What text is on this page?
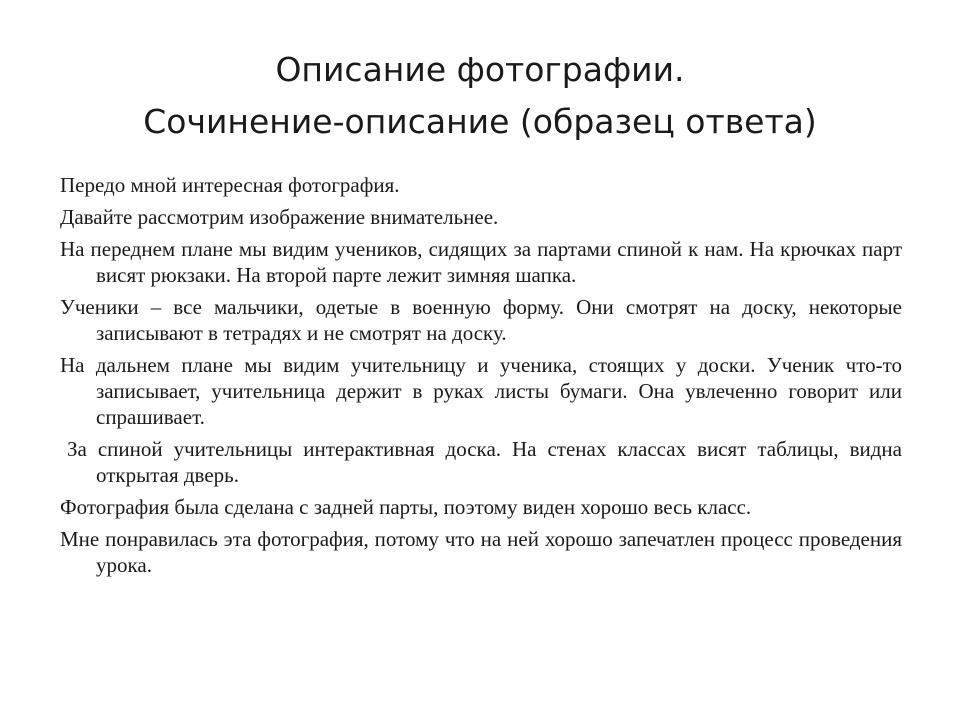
Описание фотографии.
Сочинение-описание (образец ответа)

Передо мной интересная фотография.

Давайте рассмотрим изображение внимательнее.

На переднем плане мы видим учеников, сидящих за партами спиной к нам. На крючках парт висят рюкзаки. На второй парте лежит зимняя шапка.

Ученики – все мальчики, одетые в военную форму. Они смотрят на доску, некоторые записывают в тетрадях и не смотрят на доску.

На дальнем плане мы видим учительницу и ученика, стоящих у доски. Ученик что-то записывает, учительница держит в руках листы бумаги. Она увлеченно говорит или спрашивает.

За спиной учительницы интерактивная доска. На стенах классах висят таблицы, видна открытая дверь.

Фотография была сделана с задней парты, поэтому виден хорошо весь класс.

Мне понравилась эта фотография, потому что на ней хорошо запечатлен процесс проведения урока.
